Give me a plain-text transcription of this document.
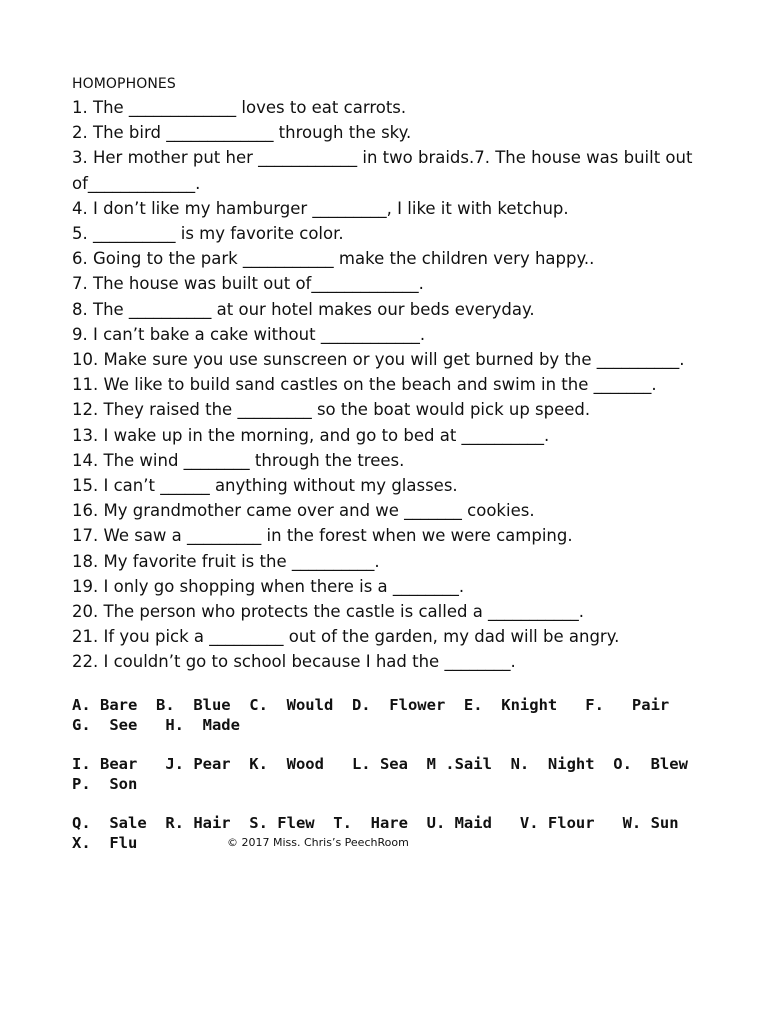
HOMOPHONES
1. The _____________ loves to eat carrots.
2. The bird _____________ through the sky.
3. Her mother put her ____________ in two braids.7. The house was built out of_____________.
4. I don’t like my hamburger _________, I like it with ketchup.
5. __________ is my favorite color.
6. Going to the park ___________ make the children very happy..
7. The house was built out of_____________.
8. The __________ at our hotel makes our beds everyday.
9. I can’t bake a cake without ____________.
10. Make sure you use sunscreen or you will get burned by the __________.
11. We like to build sand castles on the beach and swim in the _______.
12. They raised the _________ so the boat would pick up speed.
13. I wake up in the morning, and go to bed at __________.
14. The wind ________ through the trees.
15. I can’t ______ anything without my glasses.
16. My grandmother came over and we _______ cookies.
17. We saw a _________ in the forest when we were camping.
18. My favorite fruit is the __________.
19. I only go shopping when there is a ________.
20. The person who protects the castle is called a ___________.
21. If you pick a _________ out of the garden, my dad will be angry.
22. I couldn’t go to school because I had the ________.
A. Bare  B.  Blue  C.  Would  D.  Flower  E.  Knight   F.   Pair
G.  See   H.  Made
I. Bear   J. Pear  K.  Wood   L. Sea  M .Sail  N.  Night  O.  Blew
P.  Son
Q.  Sale  R. Hair  S. Flew  T.  Hare  U. Maid   V. Flour   W. Sun
X.  Flu	© 2017 Miss. Chris’s PeechRoom
